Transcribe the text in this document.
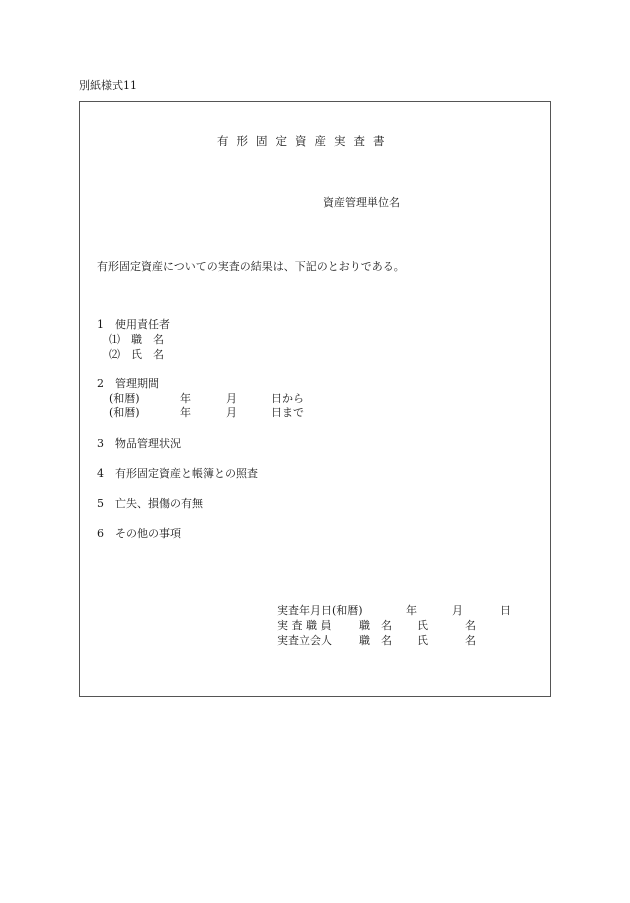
別紙様式11
有形固定資産実査書
資産管理単位名
有形固定資産についての実査の結果は、下記のとおりである。
1　使用責任者
⑴　職　名
⑵　氏　名
2　管理期間
(和暦)	年	月	日から
(和暦)	年	月	日まで
3　物品管理状況
4　有形固定資産と帳簿との照査
5　亡失、損傷の有無
6　その他の事項
実査年月日(和暦)	年	月	日
実 査 職 員	職　名 氏	名
実査立会人 職　名 氏	名
